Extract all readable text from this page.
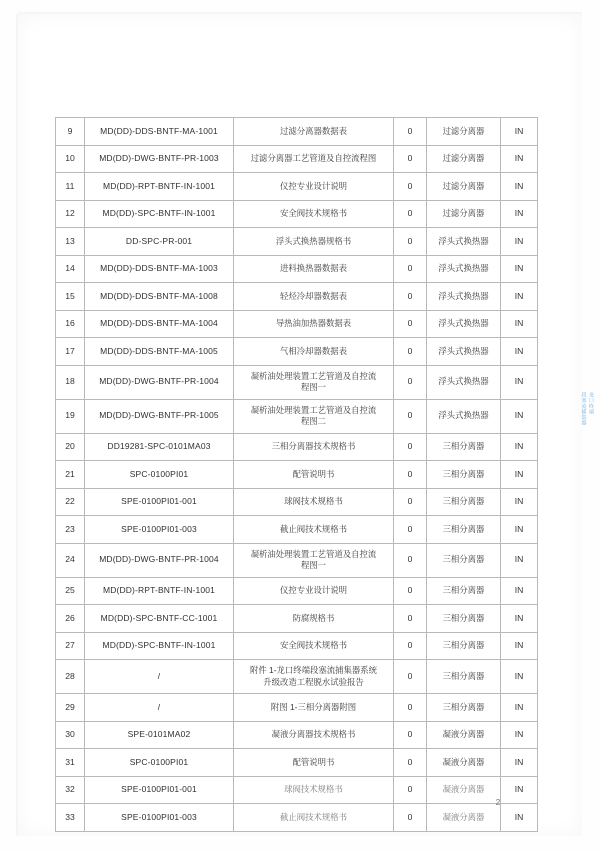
9	MD(DD)-DDS-BNTF-MA-1001	过滤分离器数据表	0	过滤分离器	IN
10	MD(DD)-DWG-BNTF-PR-1003	过滤分离器工艺管道及自控流程图	0	过滤分离器	IN
11	MD(DD)-RPT-BNTF-IN-1001	仪控专业设计说明	0	过滤分离器	IN
12	MD(DD)-SPC-BNTF-IN-1001	安全阀技术规格书	0	过滤分离器	IN
13	DD-SPC-PR-001	浮头式换热器规格书	0	浮头式换热器	IN
14	MD(DD)-DDS-BNTF-MA-1003	进料换热器数据表	0	浮头式换热器	IN
15	MD(DD)-DDS-BNTF-MA-1008	轻烃冷却器数据表	0	浮头式换热器	IN
16	MD(DD)-DDS-BNTF-MA-1004	导热油加热器数据表	0	浮头式换热器	IN
17	MD(DD)-DDS-BNTF-MA-1005	气相冷却器数据表	0	浮头式换热器	IN
18	MD(DD)-DWG-BNTF-PR-1004	凝析油处理装置工艺管道及自控流
程图一	0	浮头式换热器	IN
19	MD(DD)-DWG-BNTF-PR-1005	凝析油处理装置工艺管道及自控流
程图二	0	浮头式换热器	IN
20	DD19281-SPC-0101MA03	三相分离器技术规格书	0	三相分离器	IN
21	SPC-0100PI01	配管说明书	0	三相分离器	IN
22	SPE-0100PI01-001	球阀技术规格书	0	三相分离器	IN
23	SPE-0100PI01-003	截止阀技术规格书	0	三相分离器	IN
24	MD(DD)-DWG-BNTF-PR-1004	凝析油处理装置工艺管道及自控流
程图一	0	三相分离器	IN
25	MD(DD)-RPT-BNTF-IN-1001	仪控专业设计说明	0	三相分离器	IN
26	MD(DD)-SPC-BNTF-CC-1001	防腐规格书	0	三相分离器	IN
27	MD(DD)-SPC-BNTF-IN-1001	安全阀技术规格书	0	三相分离器	IN
28	/	附件 1-龙口终端段塞流捕集器系统
升级改造工程脱水试验报告	0	三相分离器	IN
29	/	附图 1-三相分离器附图	0	三相分离器	IN
30	SPE-0101MA02	凝液分离器技术规格书	0	凝液分离器	IN
31	SPC-0100PI01	配管说明书	0	凝液分离器	IN
32	SPE-0100PI01-001	球阀技术规格书	0	凝液分离器	IN
33	SPE-0100PI01-003	截止阀技术规格书	0	凝液分离器	IN
龙口终端
段塞流捕集器
2
